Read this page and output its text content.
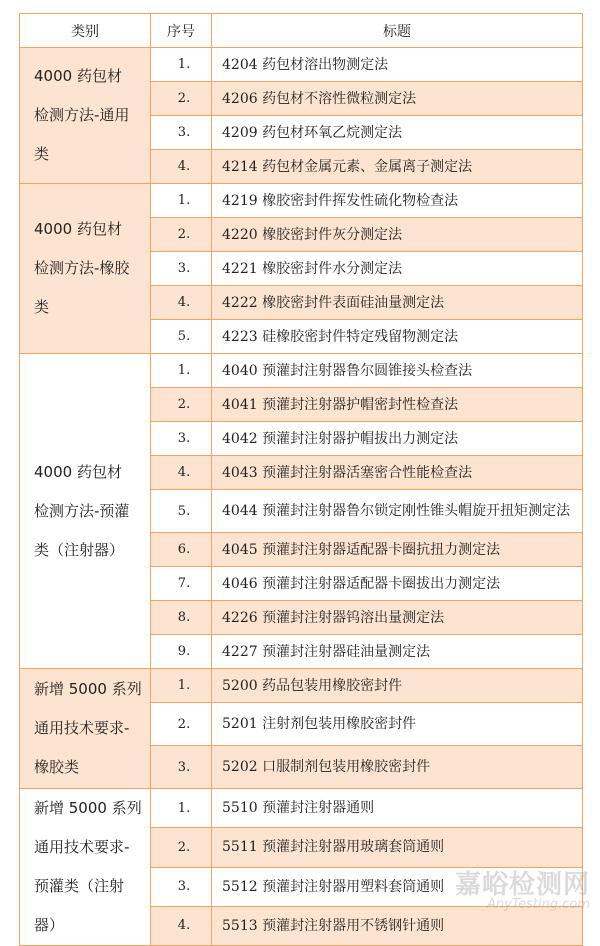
类别	序号	标题

4000 药包材
检测方法-通用
类	1.	4204 药包材溶出物测定法
	2.	4206 药包材不溶性微粒测定法
	3.	4209 药包材环氧乙烷测定法
	4.	4214 药包材金属元素、金属离子测定法

4000 药包材
检测方法-橡胶
类	1.	4219 橡胶密封件挥发性硫化物检查法
	2.	4220 橡胶密封件灰分测定法
	3.	4221 橡胶密封件水分测定法
	4.	4222 橡胶密封件表面硅油量测定法
	5.	4223 硅橡胶密封件特定残留物测定法

4000 药包材
检测方法-预灌
类（注射器）	1.	4040 预灌封注射器鲁尔圆锥接头检查法
	2.	4041 预灌封注射器护帽密封性检查法
	3.	4042 预灌封注射器护帽拔出力测定法
	4.	4043 预灌封注射器活塞密合性能检查法
	5.	4044 预灌封注射器鲁尔锁定刚性锥头帽旋开扭矩测定法
	6.	4045 预灌封注射器适配器卡圈抗扭力测定法
	7.	4046 预灌封注射器适配器卡圈拔出力测定法
	8.	4226 预灌封注射器钨溶出量测定法
	9.	4227 预灌封注射器硅油量测定法

新增 5000 系列
通用技术要求-
橡胶类	1.	5200 药品包装用橡胶密封件
	2.	5201 注射剂包装用橡胶密封件
	3.	5202 口服制剂包装用橡胶密封件

新增 5000 系列
通用技术要求-
预灌类（注射器）	1.	5510 预灌封注射器通则
	2.	5511 预灌封注射器用玻璃套筒通则
	3.	5512 预灌封注射器用塑料套筒通则
	4.	5513 预灌封注射器用不锈钢针通则
嘉峪检测网
AnyTesting.com
